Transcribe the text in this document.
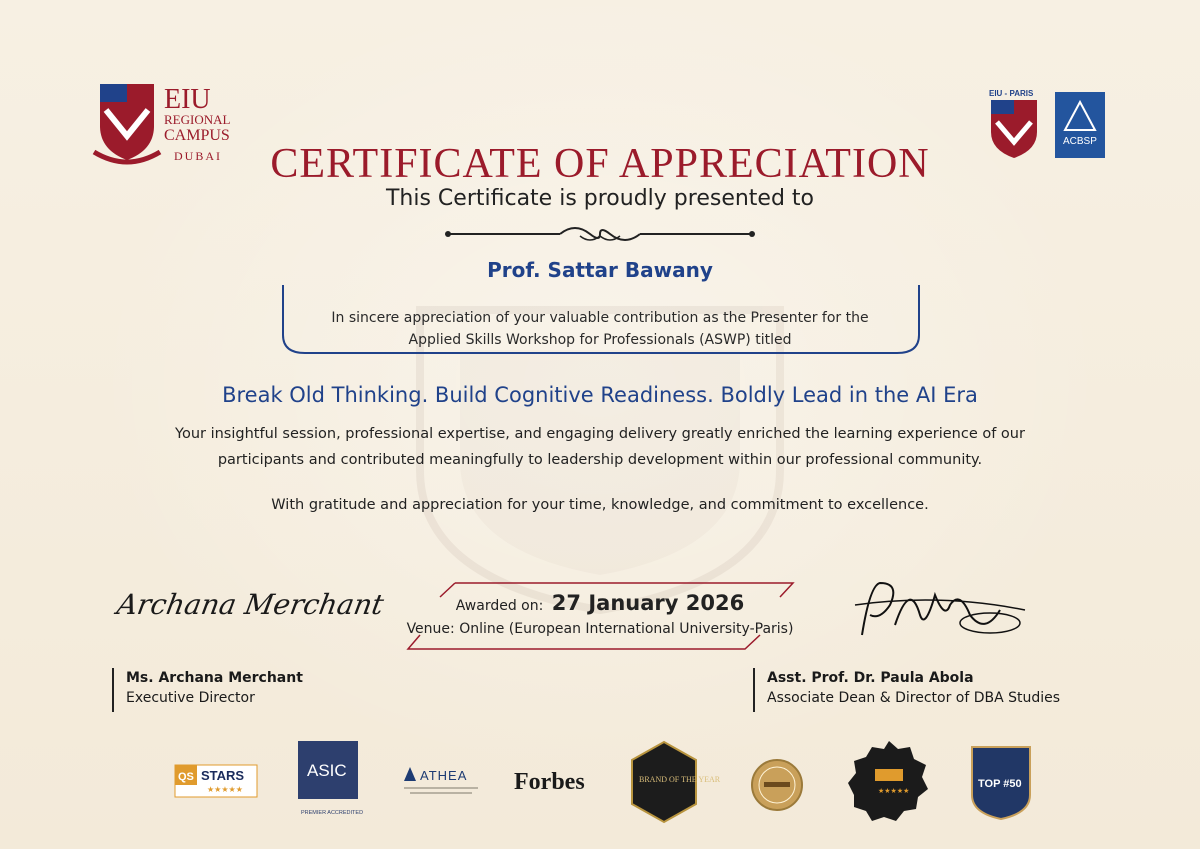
EIU
REGIONAL
CAMPUS
DUBAI
EIU - PARIS
ACBSP
CERTIFICATE OF APPRECIATION
This Certificate is proudly presented to
Prof. Sattar Bawany
In sincere appreciation of your valuable contribution as the Presenter for the
Applied Skills Workshop for Professionals (ASWP) titled
Break Old Thinking. Build Cognitive Readiness. Boldly Lead in the AI Era
Your insightful session, professional expertise, and engaging delivery greatly enriched the learning experience of our
participants and contributed meaningfully to leadership development within our professional community.
With gratitude and appreciation for your time, knowledge, and commitment to excellence.
Awarded on: 27 January 2026
Venue: Online (European International University-Paris)
Archana Merchant
Ms. Archana Merchant
Executive Director
Asst. Prof. Dr. Paula Abola
Associate Dean & Director of DBA Studies
QS STARS
★★★★★
ASIC
PREMIER ACCREDITED
ATHEA Forbes	BRAND OF THE YEAR
★★★★★
TOP #50
